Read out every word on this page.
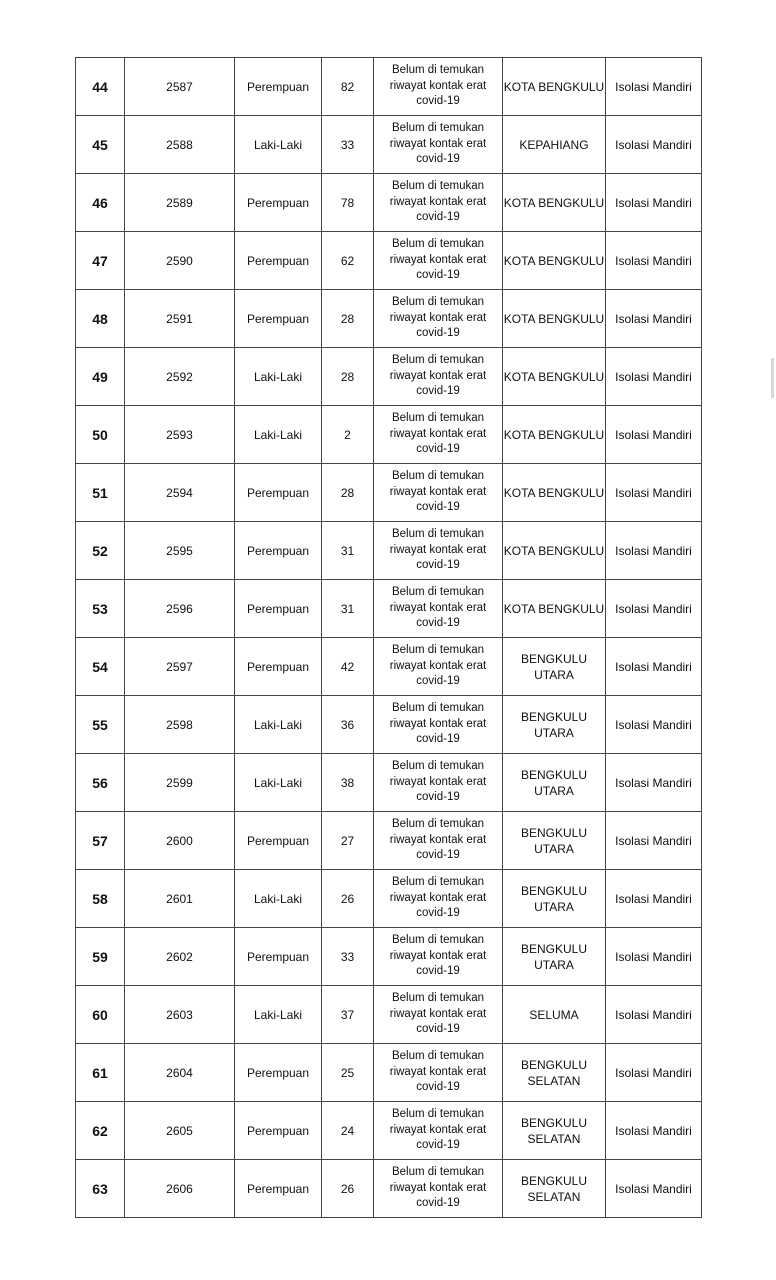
44	2587	Perempuan	82	Belum di temukan riwayat kontak erat covid-19	KOTA BENGKULU	Isolasi Mandiri
45	2588	Laki-Laki	33	Belum di temukan riwayat kontak erat covid-19	KEPAHIANG	Isolasi Mandiri
46	2589	Perempuan	78	Belum di temukan riwayat kontak erat covid-19	KOTA BENGKULU	Isolasi Mandiri
47	2590	Perempuan	62	Belum di temukan riwayat kontak erat covid-19	KOTA BENGKULU	Isolasi Mandiri
48	2591	Perempuan	28	Belum di temukan riwayat kontak erat covid-19	KOTA BENGKULU	Isolasi Mandiri
49	2592	Laki-Laki	28	Belum di temukan riwayat kontak erat covid-19	KOTA BENGKULU	Isolasi Mandiri
50	2593	Laki-Laki	2	Belum di temukan riwayat kontak erat covid-19	KOTA BENGKULU	Isolasi Mandiri
51	2594	Perempuan	28	Belum di temukan riwayat kontak erat covid-19	KOTA BENGKULU	Isolasi Mandiri
52	2595	Perempuan	31	Belum di temukan riwayat kontak erat covid-19	KOTA BENGKULU	Isolasi Mandiri
53	2596	Perempuan	31	Belum di temukan riwayat kontak erat covid-19	KOTA BENGKULU	Isolasi Mandiri
54	2597	Perempuan	42	Belum di temukan riwayat kontak erat covid-19	BENGKULU UTARA	Isolasi Mandiri
55	2598	Laki-Laki	36	Belum di temukan riwayat kontak erat covid-19	BENGKULU UTARA	Isolasi Mandiri
56	2599	Laki-Laki	38	Belum di temukan riwayat kontak erat covid-19	BENGKULU UTARA	Isolasi Mandiri
57	2600	Perempuan	27	Belum di temukan riwayat kontak erat covid-19	BENGKULU UTARA	Isolasi Mandiri
58	2601	Laki-Laki	26	Belum di temukan riwayat kontak erat covid-19	BENGKULU UTARA	Isolasi Mandiri
59	2602	Perempuan	33	Belum di temukan riwayat kontak erat covid-19	BENGKULU UTARA	Isolasi Mandiri
60	2603	Laki-Laki	37	Belum di temukan riwayat kontak erat covid-19	SELUMA	Isolasi Mandiri
61	2604	Perempuan	25	Belum di temukan riwayat kontak erat covid-19	BENGKULU SELATAN	Isolasi Mandiri
62	2605	Perempuan	24	Belum di temukan riwayat kontak erat covid-19	BENGKULU SELATAN	Isolasi Mandiri
63	2606	Perempuan	26	Belum di temukan riwayat kontak erat covid-19	BENGKULU SELATAN	Isolasi Mandiri
